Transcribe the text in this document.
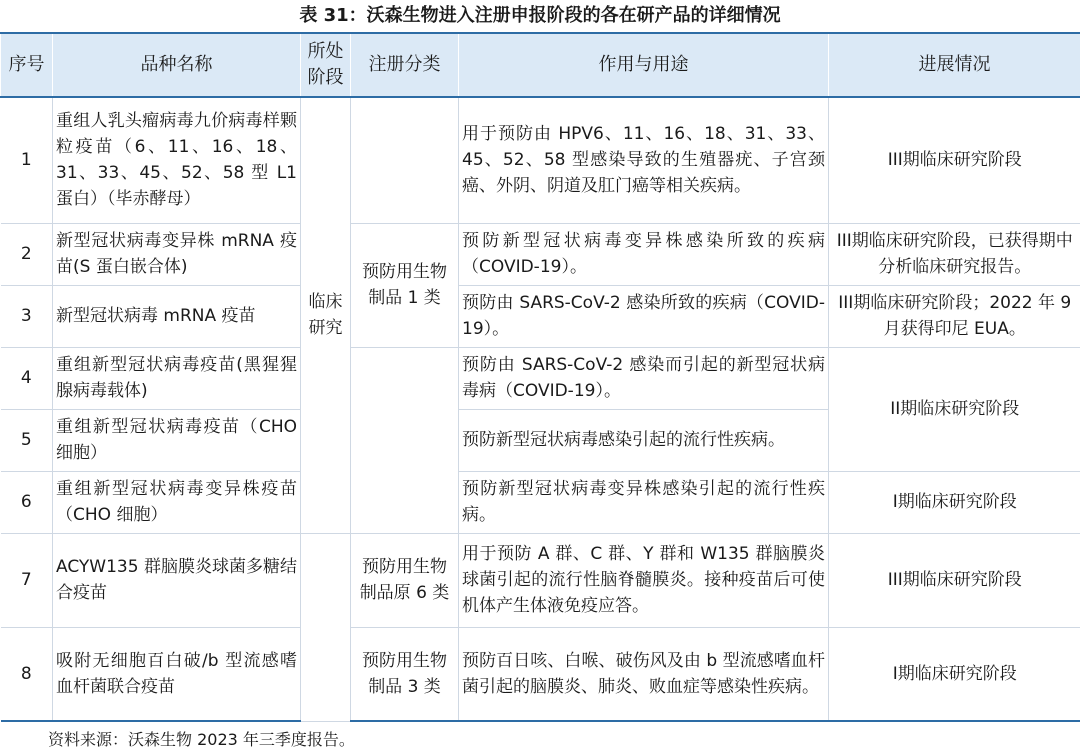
表 31：沃森生物进入注册申报阶段的各在研产品的详细情况
序号	品种名称	所处阶段	注册分类	作用与用途	进展情况
1	重组人乳头瘤病毒九价病毒样颗粒疫苗（6、11、16、18、31、33、45、52、58 型 L1 蛋白）（毕赤酵母）	临床研究		用于预防由 HPV6、11、16、18、31、33、45、52、58 型感染导致的生殖器疣、子宫颈癌、外阴、阴道及肛门癌等相关疾病。	III期临床研究阶段
2	新型冠状病毒变异株 mRNA 疫苗(S 蛋白嵌合体)		预防用生物制品 1 类	预防新型冠状病毒变异株感染所致的疾病（COVID-19）。	III期临床研究阶段，已获得期中分析临床研究报告。
3	新型冠状病毒 mRNA 疫苗			预防由 SARS-CoV-2 感染所致的疾病（COVID-19）。	III期临床研究阶段；2022 年 9 月获得印尼 EUA。
4	重组新型冠状病毒疫苗(黑猩猩腺病毒载体)			预防由 SARS-CoV-2 感染而引起的新型冠状病毒病（COVID-19）。	II期临床研究阶段
5	重组新型冠状病毒疫苗（CHO 细胞）			预防新型冠状病毒感染引起的流行性疾病。	
6	重组新型冠状病毒变异株疫苗（CHO 细胞）			预防新型冠状病毒变异株感染引起的流行性疾病。	I期临床研究阶段
7	ACYW135 群脑膜炎球菌多糖结合疫苗		预防用生物制品原 6 类	用于预防 A 群、C 群、Y 群和 W135 群脑膜炎球菌引起的流行性脑脊髓膜炎。接种疫苗后可使机体产生体液免疫应答。	III期临床研究阶段
8	吸附无细胞百白破/b 型流感嗜血杆菌联合疫苗		预防用生物制品 3 类	预防百日咳、白喉、破伤风及由 b 型流感嗜血杆菌引起的脑膜炎、肺炎、败血症等感染性疾病。	I期临床研究阶段
资料来源：沃森生物 2023 年三季度报告。
